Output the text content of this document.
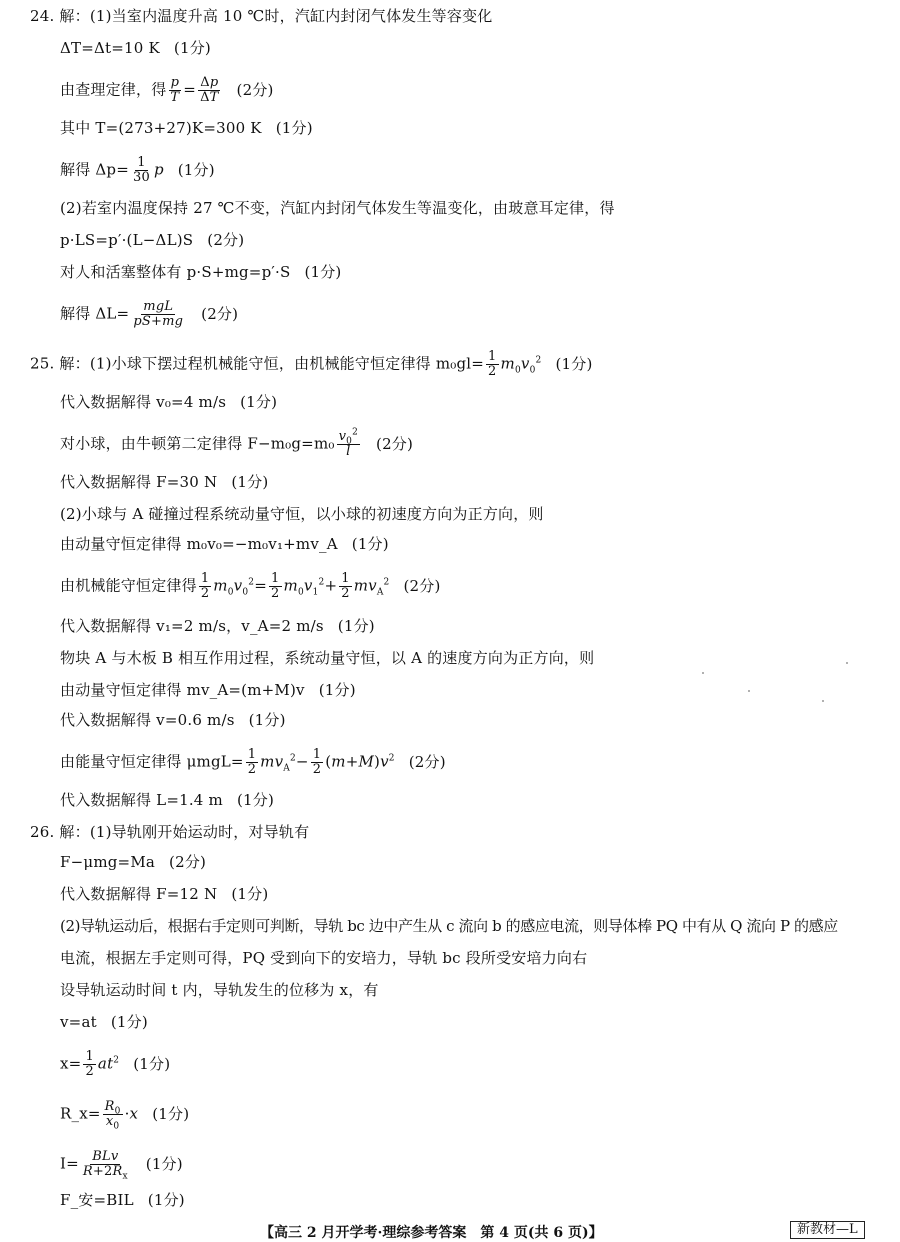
24. 解：(1)当室内温度升高 10 ℃时，汽缸内封闭气体发生等容变化
ΔT=Δt=10 K (1分)
由查理定律，得 $\frac{p}{T} = \frac{\Delta p}{\Delta T} (2$分)
其中 T=(273+27)K=300 K (1分)
解得 $\Delta p= \frac{1}{30}$ p (1分)
(2)若室内温度保持 27 ℃不变，汽缸内封闭气体发生等温变化，由玻意耳定律，得
p·LS=p′·(L−ΔL)S (2分)
对人和活塞整体有 p·S+mg=p′·S (1分)
解得 $\Delta L= \frac{\text{mgL}}{pS+mg} (2$分)
25. 解：(1)小球下摆过程机械能守恒，由机械能守恒定律得 $m_0gl= \frac{1}{2} m_0v_0^2$ (1分)
代入数据解得 v₀=4 m/s (1分)
对小球，由牛顿第二定律得 $F-m_0g=m_0 \frac{v_0^2}{l} (2$分)
代入数据解得 F=30 N (1分)
(2)小球与 A 碰撞过程系统动量守恒，以小球的初速度方向为正方向，则
由动量守恒定律得 m₀v₀=−m₀v₁+mv_A (1分)
由机械能守恒定律得 $\frac{1}{2} m_0v_0^2= \frac{1}{2} m_0v_1^2+ \frac{1}{2} mv_A^2$ (2分)
代入数据解得 v₁=2 m/s，v_A=2 m/s (1分)
物块 A 与木板 B 相互作用过程，系统动量守恒，以 A 的速度方向为正方向，则
由动量守恒定律得 mv_A=(m+M)v (1分)
代入数据解得 v=0.6 m/s (1分)
由能量守恒定律得 $\mu mgL= \frac{1}{2} mv_A^2- \frac{1}{2} (m+M)v^2$ (2分)
代入数据解得 L=1.4 m (1分)
26. 解：(1)导轨刚开始运动时，对导轨有
F−μmg=Ma (2分)
代入数据解得 F=12 N (1分)
(2)导轨运动后，根据右手定则可判断，导轨 bc 边中产生从 c 流向 b 的感应电流，则导体棒 PQ 中有从 Q 流向 P 的感应
电流，根据左手定则可得，PQ 受到向下的安培力，导轨 bc 段所受安培力向右
设导轨运动时间 t 内，导轨发生的位移为 x，有
v=at (1分)
$x= \frac{1}{2} at^2$ (1分)
R_x= $\frac{R_0}{x_0} \cdot x$ (1分)
$I= \frac{\text{BLv}}{R+2R_x} (1$分)
F_安=BIL (1分)
【高三 2 月开学考·理综参考答案　第 4 页(共 6 页)】	新教材—L
